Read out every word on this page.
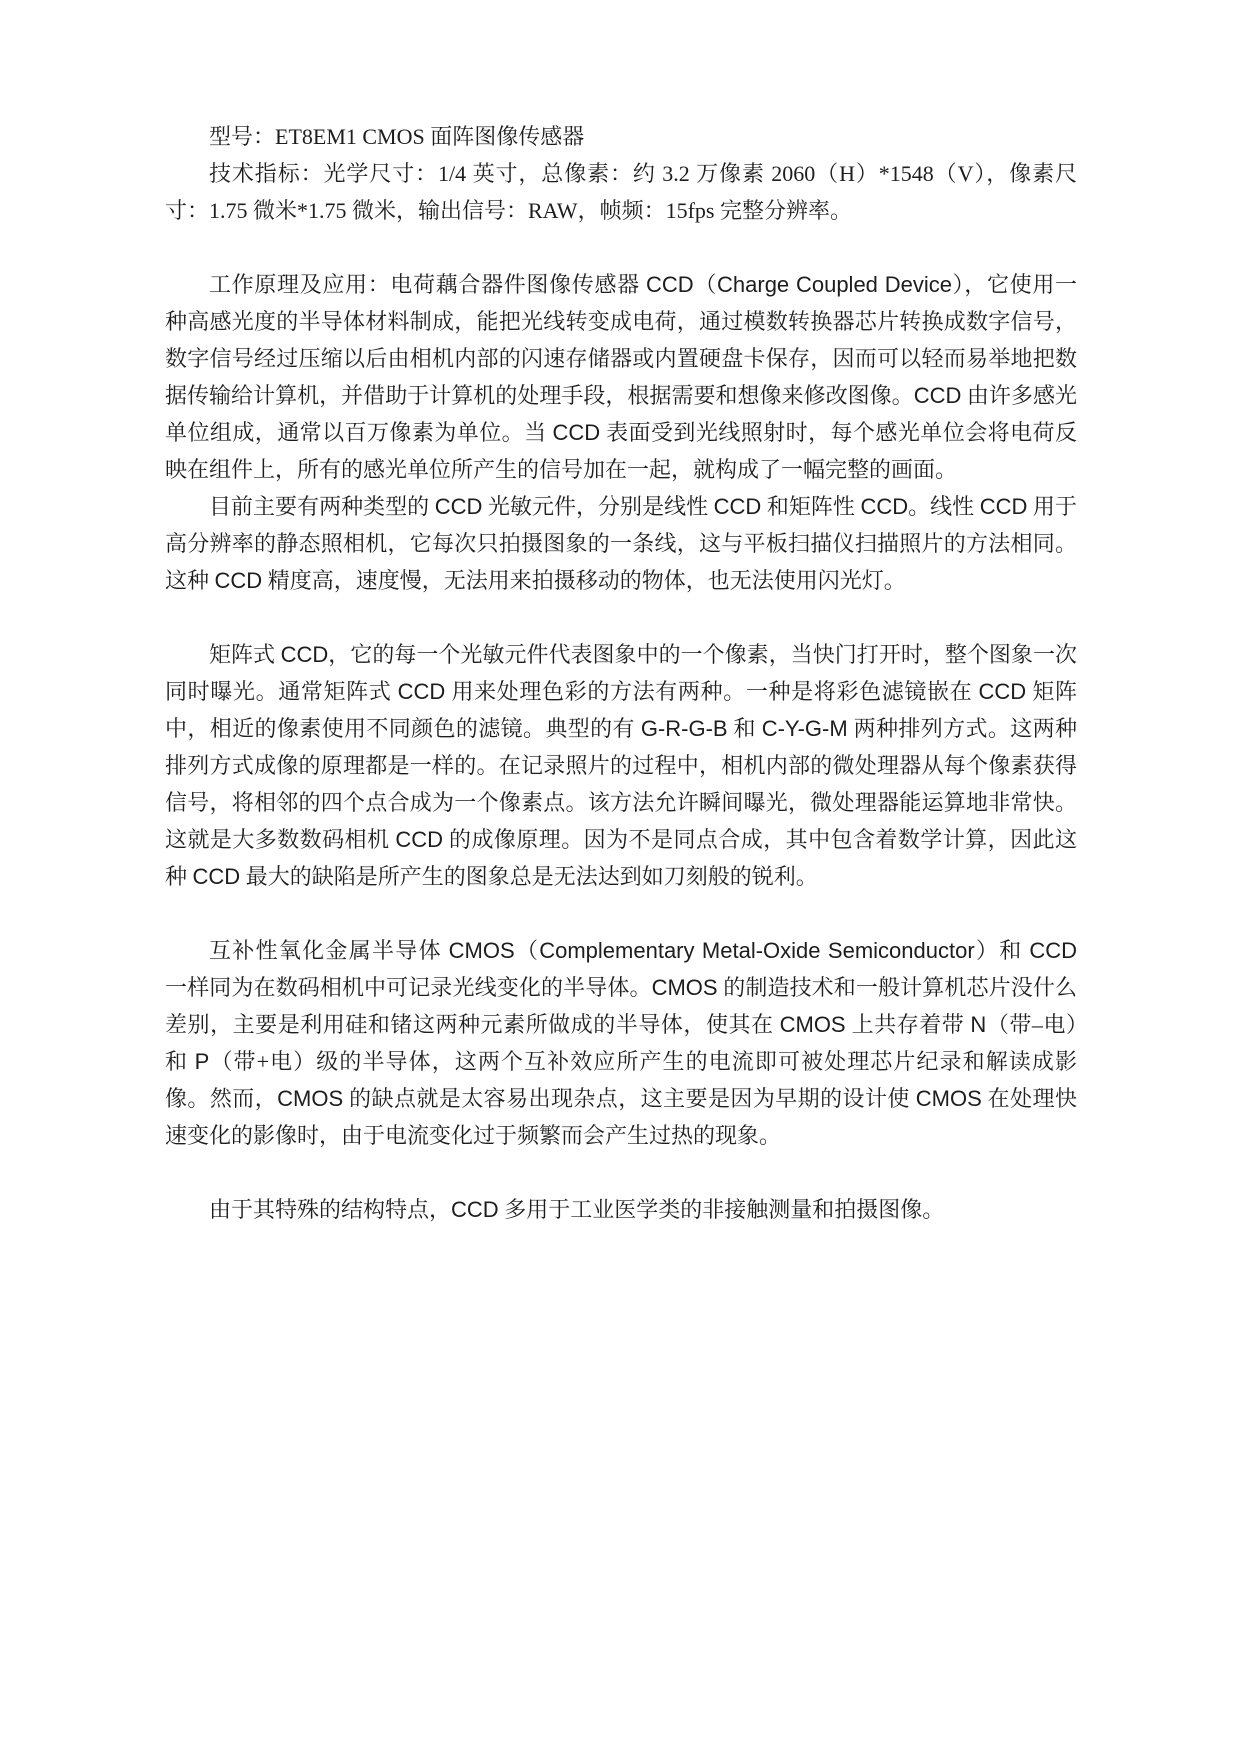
型号：ET8EM1 CMOS 面阵图像传感器

技术指标：光学尺寸：1/4 英寸，总像素：约 3.2 万像素 2060（H）*1548（V），像素尺寸：1.75 微米*1.75 微米，输出信号：RAW，帧频：15fps 完整分辨率。

工作原理及应用：电荷藕合器件图像传感器 CCD（Charge Coupled Device），它使用一种高感光度的半导体材料制成，能把光线转变成电荷，通过模数转换器芯片转换成数字信号，数字信号经过压缩以后由相机内部的闪速存储器或内置硬盘卡保存，因而可以轻而易举地把数据传输给计算机，并借助于计算机的处理手段，根据需要和想像来修改图像。CCD 由许多感光单位组成，通常以百万像素为单位。当 CCD 表面受到光线照射时，每个感光单位会将电荷反映在组件上，所有的感光单位所产生的信号加在一起，就构成了一幅完整的画面。

目前主要有两种类型的 CCD 光敏元件，分别是线性 CCD 和矩阵性 CCD。线性 CCD 用于高分辨率的静态照相机，它每次只拍摄图象的一条线，这与平板扫描仪扫描照片的方法相同。这种 CCD 精度高，速度慢，无法用来拍摄移动的物体，也无法使用闪光灯。

矩阵式 CCD，它的每一个光敏元件代表图象中的一个像素，当快门打开时，整个图象一次同时曝光。通常矩阵式 CCD 用来处理色彩的方法有两种。一种是将彩色滤镜嵌在 CCD 矩阵中，相近的像素使用不同颜色的滤镜。典型的有 G-R-G-B 和 C-Y-G-M 两种排列方式。这两种排列方式成像的原理都是一样的。在记录照片的过程中，相机内部的微处理器从每个像素获得信号，将相邻的四个点合成为一个像素点。该方法允许瞬间曝光，微处理器能运算地非常快。这就是大多数数码相机 CCD 的成像原理。因为不是同点合成，其中包含着数学计算，因此这种 CCD 最大的缺陷是所产生的图象总是无法达到如刀刻般的锐利。

互补性氧化金属半导体 CMOS（Complementary Metal-Oxide Semiconductor）和 CCD 一样同为在数码相机中可记录光线变化的半导体。CMOS 的制造技术和一般计算机芯片没什么差别，主要是利用硅和锗这两种元素所做成的半导体，使其在 CMOS 上共存着带 N（带–电）　和 P（带+电）级的半导体，这两个互补效应所产生的电流即可被处理芯片纪录和解读成影像。然而，CMOS 的缺点就是太容易出现杂点，这主要是因为早期的设计使 CMOS 在处理快速变化的影像时，由于电流变化过于频繁而会产生过热的现象。

由于其特殊的结构特点，CCD 多用于工业医学类的非接触测量和拍摄图像。
